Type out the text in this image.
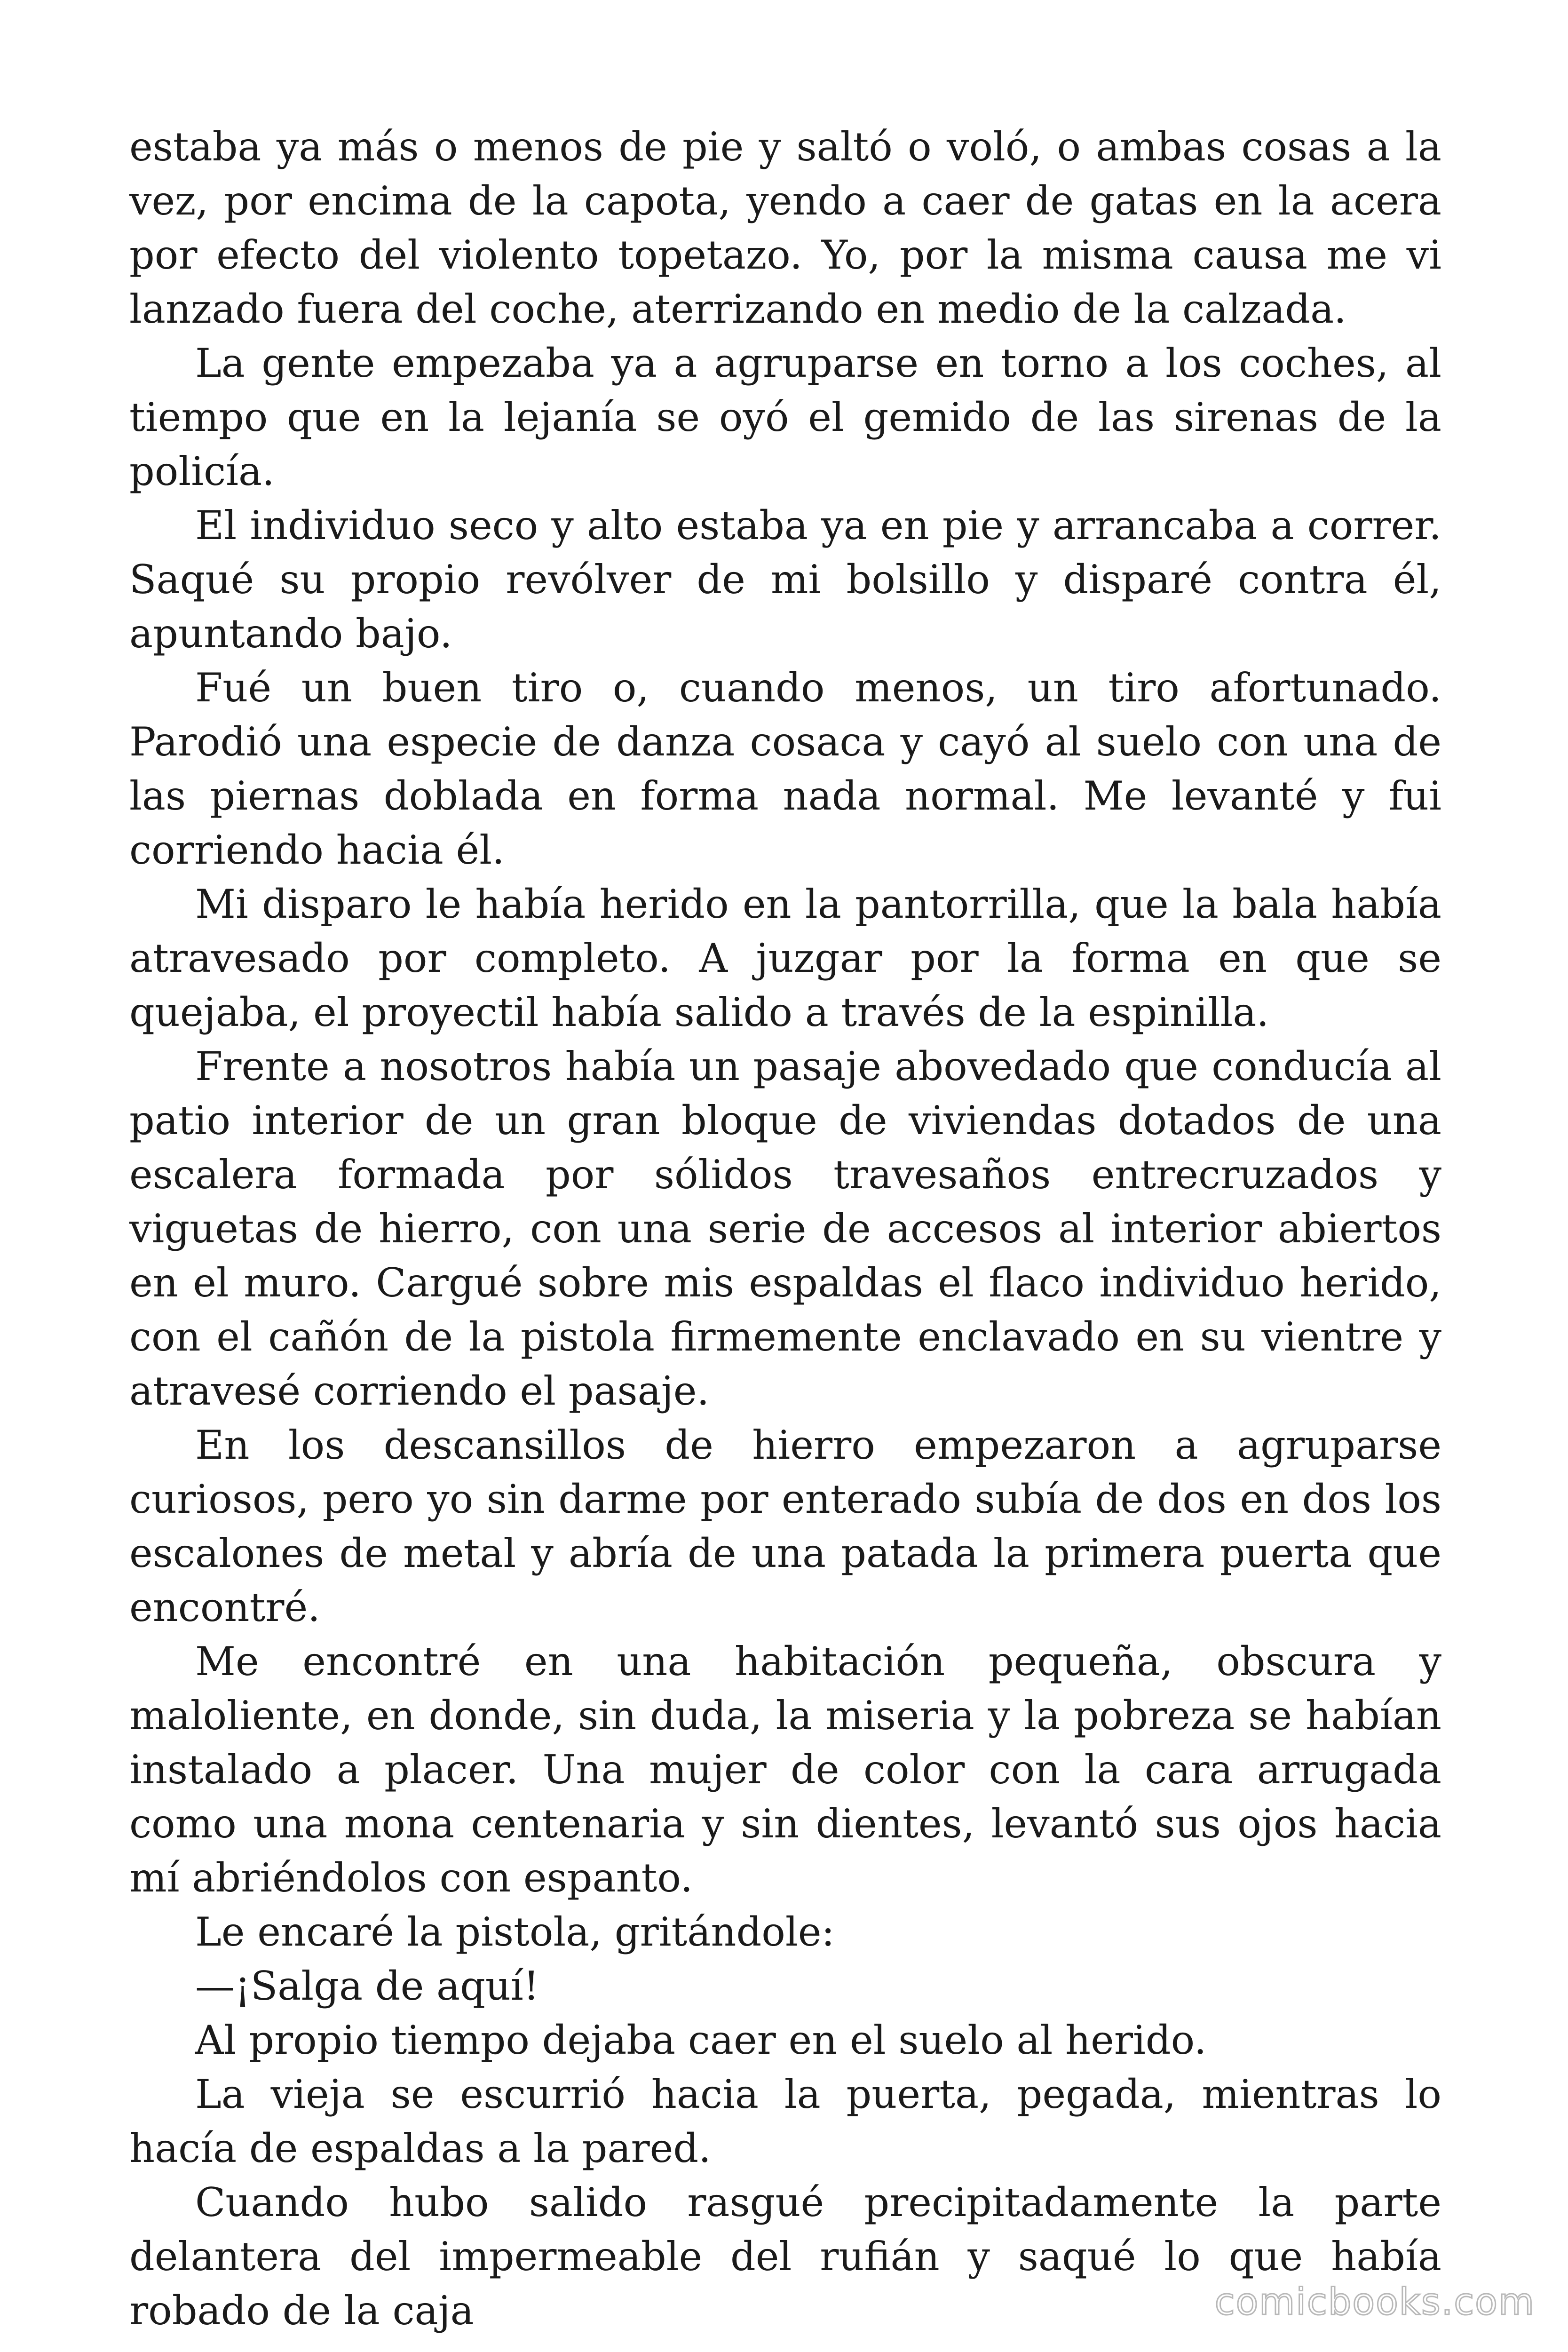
estaba ya más o menos de pie y saltó o voló, o ambas cosas a la vez, por encima de la capota, yendo a caer de gatas en la acera por efecto del violento topetazo. Yo, por la misma causa me vi lanzado fuera del coche, aterrizando en medio de la calzada.

La gente empezaba ya a agruparse en torno a los coches, al tiempo que en la lejanía se oyó el gemido de las sirenas de la policía.

El individuo seco y alto estaba ya en pie y arrancaba a correr. Saqué su propio revólver de mi bolsillo y disparé contra él, apuntando bajo.

Fué un buen tiro o, cuando menos, un tiro afortunado. Parodió una especie de danza cosaca y cayó al suelo con una de las piernas doblada en forma nada normal. Me levanté y fui corriendo hacia él.

Mi disparo le había herido en la pantorrilla, que la bala había atravesado por completo. A juzgar por la forma en que se quejaba, el proyectil había salido a través de la espinilla.

Frente a nosotros había un pasaje abovedado que conducía al patio interior de un gran bloque de viviendas dotados de una escalera formada por sólidos travesaños entrecruzados y viguetas de hierro, con una serie de accesos al interior abiertos en el muro. Cargué sobre mis espaldas el flaco individuo herido, con el cañón de la pistola firmemente enclavado en su vientre y atravesé corriendo el pasaje.

En los descansillos de hierro empezaron a agruparse curiosos, pero yo sin darme por enterado subía de dos en dos los escalones de metal y abría de una patada la primera puerta que encontré.

Me encontré en una habitación pequeña, obscura y maloliente, en donde, sin duda, la miseria y la pobreza se habían instalado a placer. Una mujer de color con la cara arrugada como una mona centenaria y sin dientes, levantó sus ojos hacia mí abriéndolos con espanto.

Le encaré la pistola, gritándole:

—¡Salga de aquí!

Al propio tiempo dejaba caer en el suelo al herido.

La vieja se escurrió hacia la puerta, pegada, mientras lo hacía de espaldas a la pared.

Cuando hubo salido rasgué precipitadamente la parte delantera del impermeable del rufián y saqué lo que había robado de la caja	comicbooks.com
